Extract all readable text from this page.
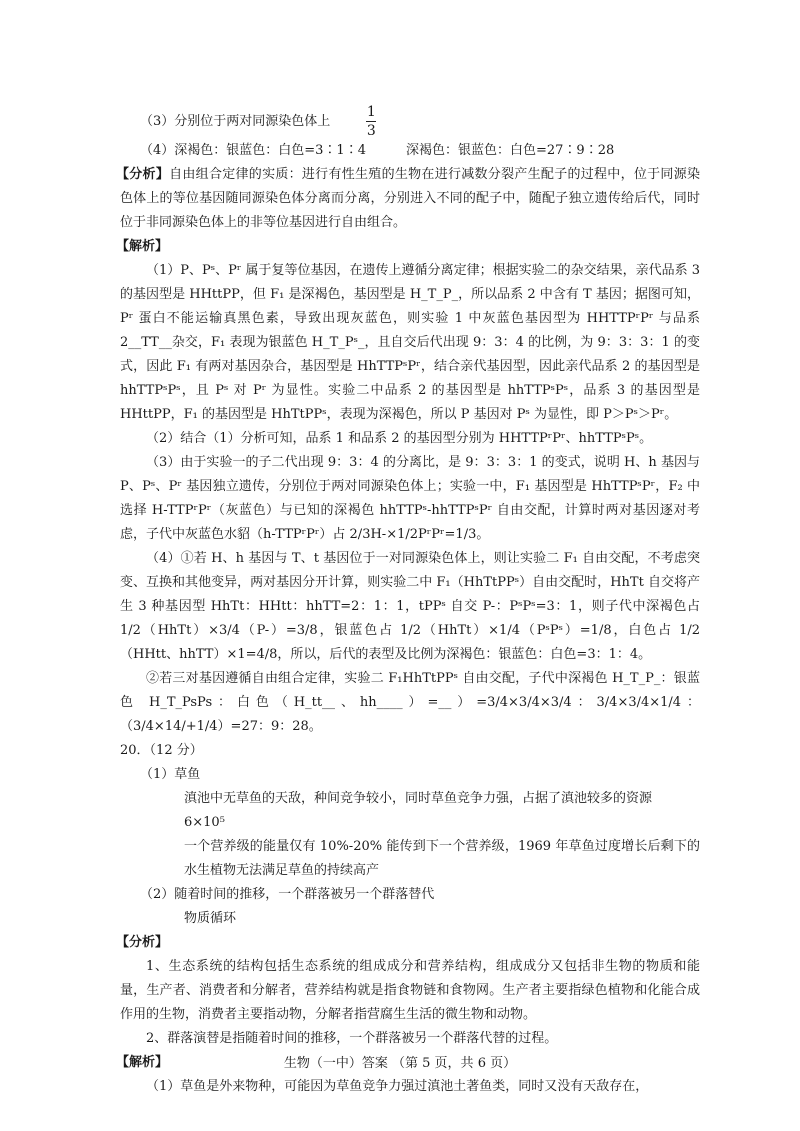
（3）分别位于两对同源染色体上	$\frac{1}{3}$
（4）深褐色：银蓝色：白色=3∶1∶4	深褐色：银蓝色：白色=27∶9∶28

【分析】自由组合定律的实质：进行有性生殖的生物在进行减数分裂产生配子的过程中，位于同源染色体上的等位基因随同源染色体分离而分离，分别进入不同的配子中，随配子独立遗传给后代，同时位于非同源染色体上的非等位基因进行自由组合。

【解析】

（1）P、Pˢ、Pʳ 属于复等位基因，在遗传上遵循分离定律；根据实验二的杂交结果，亲代品系 3 的基因型是 HHttPP，但 F₁ 是深褐色，基因型是 H_T_P_，所以品系 2 中含有 T 基因；据图可知，Pʳ 蛋白不能运输真黑色素，导致出现灰蓝色，则实验 1 中灰蓝色基因型为 HHTTPʳPʳ 与品系 2__TT__杂交，F₁ 表现为银蓝色 H_T_Pˢ_，且自交后代出现 9：3：4 的比例，为 9：3：3：1 的变式，因此 F₁ 有两对基因杂合，基因型是 HhTTPˢPʳ，结合亲代基因型，因此亲代品系 2 的基因型是 hhTTPˢPˢ，且 Pˢ 对 Pʳ 为显性。实验二中品系 2 的基因型是 hhTTPˢPˢ，品系 3 的基因型是 HHttPP，F₁ 的基因型是 HhTtPPˢ，表现为深褐色，所以 P 基因对 Pˢ 为显性，即 P＞Pˢ＞Pʳ。

（2）结合（1）分析可知，品系 1 和品系 2 的基因型分别为 HHTTPʳPʳ、hhTTPˢPˢ。

（3）由于实验一的子二代出现 9：3：4 的分离比，是 9：3：3：1 的变式，说明 H、h 基因与 P、Pˢ、Pʳ 基因独立遗传，分别位于两对同源染色体上；实验一中，F₁ 基因型是 HhTTPˢPʳ，F₂ 中选择 H-TTPʳPʳ（灰蓝色）与已知的深褐色 hhTTPˢ-hhTTPˢPʳ 自由交配，计算时两对基因逐对考虑，子代中灰蓝色水貂（h-TTPʳPʳ）占 2/3H-×1/2PʳPʳ=1/3。

（4）①若 H、h 基因与 T、t 基因位于一对同源染色体上，则让实验二 F₁ 自由交配，不考虑突变、互换和其他变异，两对基因分开计算，则实验二中 F₁（HhTtPPˢ）自由交配时，HhTt 自交将产生 3 种基因型 HhTt：HHtt：hhTT=2：1：1，tPPˢ 自交 P-：PˢPˢ=3：1，则子代中深褐色占 1/2（HhTt）×3/4（P-）=3/8，银蓝色占 1/2（HhTt）×1/4（PˢPˢ）=1/8，白色占 1/2（HHtt、hhTT）×1=4/8，所以，后代的表型及比例为深褐色：银蓝色：白色=3：1：4。

②若三对基因遵循自由组合定律，实验二 F₁HhTtPPˢ 自由交配，子代中深褐色 H_T_P_：银蓝色 H_T_PsPs：白色（H_tt__、hh____）=__）=3/4×3/4×3/4：3/4×3/4×1/4：（3/4×14/+1/4）=27：9：28。

20．（12 分）

（1）草鱼

滇池中无草鱼的天敌，种间竞争较小，同时草鱼竞争力强，占据了滇池较多的资源

6×10⁵

一个营养级的能量仅有 10%-20% 能传到下一个营养级，1969 年草鱼过度增长后剩下的水生植物无法满足草鱼的持续高产

（2）随着时间的推移，一个群落被另一个群落替代

物质循环

【分析】

1、生态系统的结构包括生态系统的组成成分和营养结构，组成成分又包括非生物的物质和能量，生产者、消费者和分解者，营养结构就是指食物链和食物网。生产者主要指绿色植物和化能合成作用的生物，消费者主要指动物，分解者指营腐生生活的微生物和动物。

2、群落演替是指随着时间的推移，一个群落被另一个群落代替的过程。

【解析】

（1）草鱼是外来物种，可能因为草鱼竞争力强过滇池土著鱼类，同时又没有天敌存在，

生物（一中）答案 （第 5 页，共 6 页）
